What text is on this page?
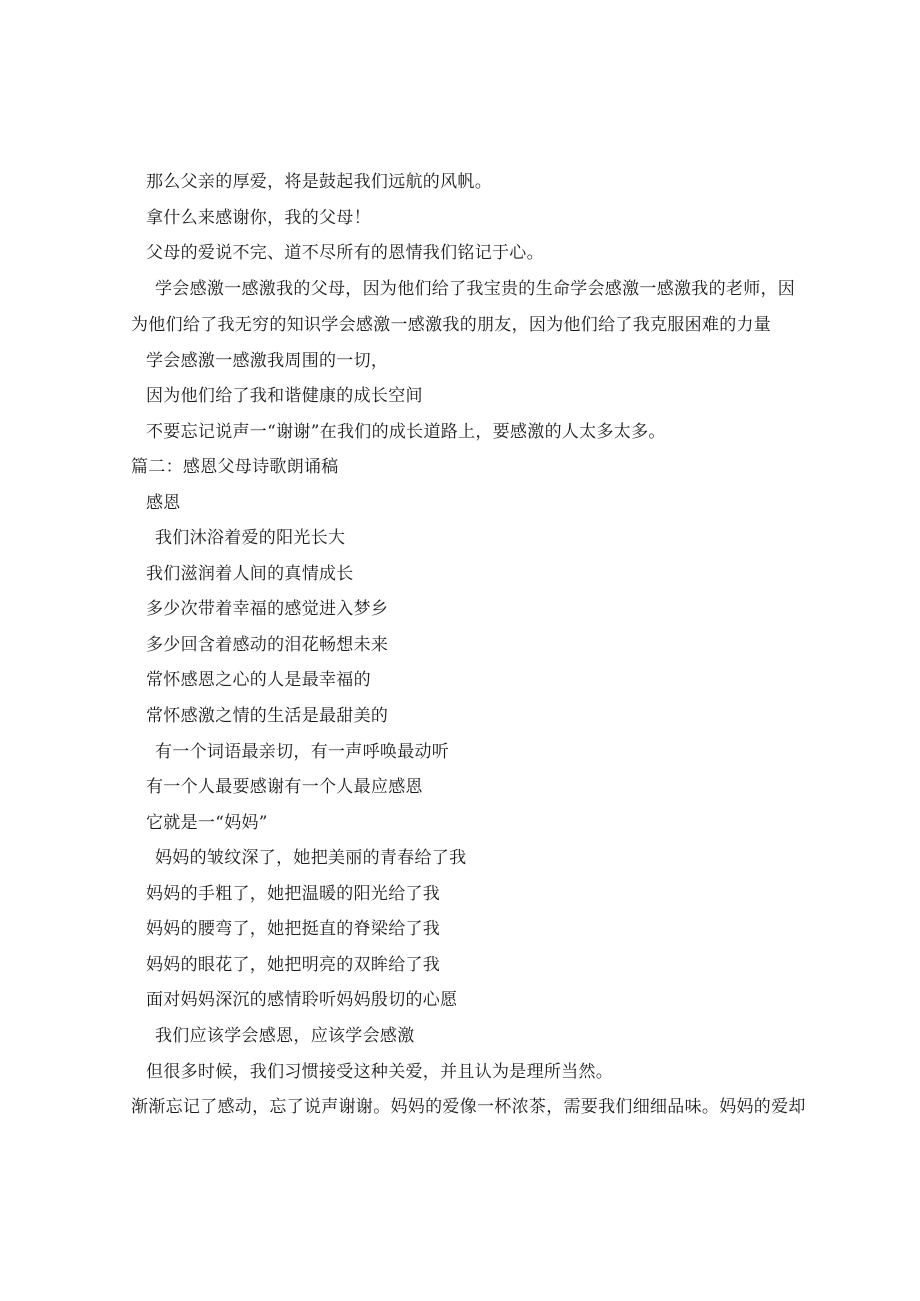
那么父亲的厚爱，将是鼓起我们远航的风帆。
拿什么来感谢你，我的父母！
父母的爱说不完、道不尽所有的恩情我们铭记于心。
学会感激一感激我的父母，因为他们给了我宝贵的生命学会感激一感激我的老师，因
为他们给了我无穷的知识学会感激一感激我的朋友，因为他们给了我克服困难的力量
学会感激一感激我周围的一切，
因为他们给了我和谐健康的成长空间
不要忘记说声一“谢谢”在我们的成长道路上，要感激的人太多太多。
篇二：感恩父母诗歌朗诵稿
感恩
我们沐浴着爱的阳光长大
我们滋润着人间的真情成长
多少次带着幸福的感觉进入梦乡
多少回含着感动的泪花畅想未来
常怀感恩之心的人是最幸福的
常怀感激之情的生活是最甜美的
有一个词语最亲切，有一声呼唤最动听
有一个人最要感谢有一个人最应感恩
它就是一“妈妈”
妈妈的皱纹深了，她把美丽的青春给了我
妈妈的手粗了，她把温暖的阳光给了我
妈妈的腰弯了，她把挺直的脊梁给了我
妈妈的眼花了，她把明亮的双眸给了我
面对妈妈深沉的感情聆听妈妈殷切的心愿
我们应该学会感恩，应该学会感激
但很多时候，我们习惯接受这种关爱，并且认为是理所当然。
渐渐忘记了感动，忘了说声谢谢。妈妈的爱像一杯浓茶，需要我们细细品味。妈妈的爱却
